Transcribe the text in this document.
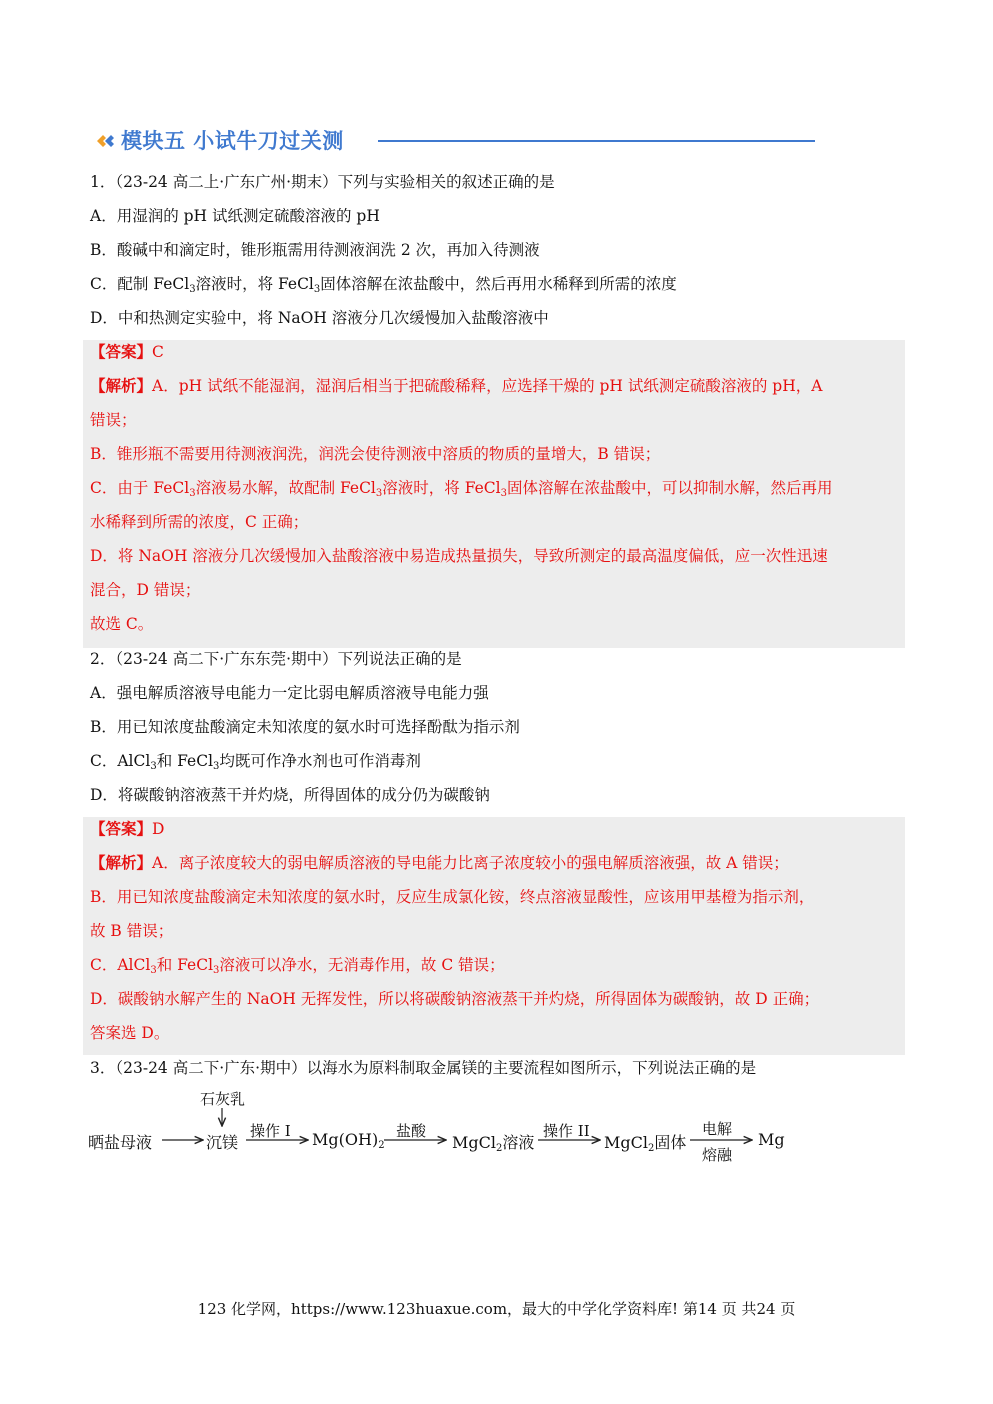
模块五 小试牛刀过关测
1．（23-24 高二上·广东广州·期末）下列与实验相关的叙述正确的是
A．用湿润的 pH 试纸测定硫酸溶液的 pH
B．酸碱中和滴定时，锥形瓶需用待测液润洗 2 次，再加入待测液
C．配制 FeCl$_3$溶液时，将 FeCl$_3$固体溶解在浓盐酸中，然后再用水稀释到所需的浓度
D．中和热测定实验中，将 NaOH 溶液分几次缓慢加入盐酸溶液中
【答案】C
【解析】A．pH 试纸不能湿润，湿润后相当于把硫酸稀释，应选择干燥的 pH 试纸测定硫酸溶液的 pH，A
错误；
B．锥形瓶不需要用待测液润洗，润洗会使待测液中溶质的物质的量增大，B 错误；
C．由于 FeCl$_3$溶液易水解，故配制 FeCl$_3$溶液时，将 FeCl$_3$固体溶解在浓盐酸中，可以抑制水解，然后再用
水稀释到所需的浓度，C 正确；
D．将 NaOH 溶液分几次缓慢加入盐酸溶液中易造成热量损失，导致所测定的最高温度偏低，应一次性迅速
混合，D 错误；
故选 C。
2．（23-24 高二下·广东东莞·期中）下列说法正确的是
A．强电解质溶液导电能力一定比弱电解质溶液导电能力强
B．用已知浓度盐酸滴定未知浓度的氨水时可选择酚酞为指示剂
C．AlCl$_3$和 FeCl$_3$均既可作净水剂也可作消毒剂
D．将碳酸钠溶液蒸干并灼烧，所得固体的成分仍为碳酸钠
【答案】D
【解析】A．离子浓度较大的弱电解质溶液的导电能力比离子浓度较小的强电解质溶液强，故 A 错误；
B．用已知浓度盐酸滴定未知浓度的氨水时，反应生成氯化铵，终点溶液显酸性，应该用甲基橙为指示剂，
故 B 错误；
C．AlCl$_3$和 FeCl$_3$溶液可以净水，无消毒作用，故 C 错误；
D．碳酸钠水解产生的 NaOH 无挥发性，所以将碳酸钠溶液蒸干并灼烧，所得固体为碳酸钠，故 D 正确；
答案选 D。
3．（23-24 高二下·广东·期中）以海水为原料制取金属镁的主要流程如图所示，下列说法正确的是
晒盐母液
石灰乳
沉镁
操作 I $Mg(OH)_2$
盐酸
MgCl$_2$溶液
操作 II
MgCl$_2$固体
电解
熔融
Mg
123 化学网，https://www.123huaxue.com，最大的中学化学资料库! 第14 页 共24 页
